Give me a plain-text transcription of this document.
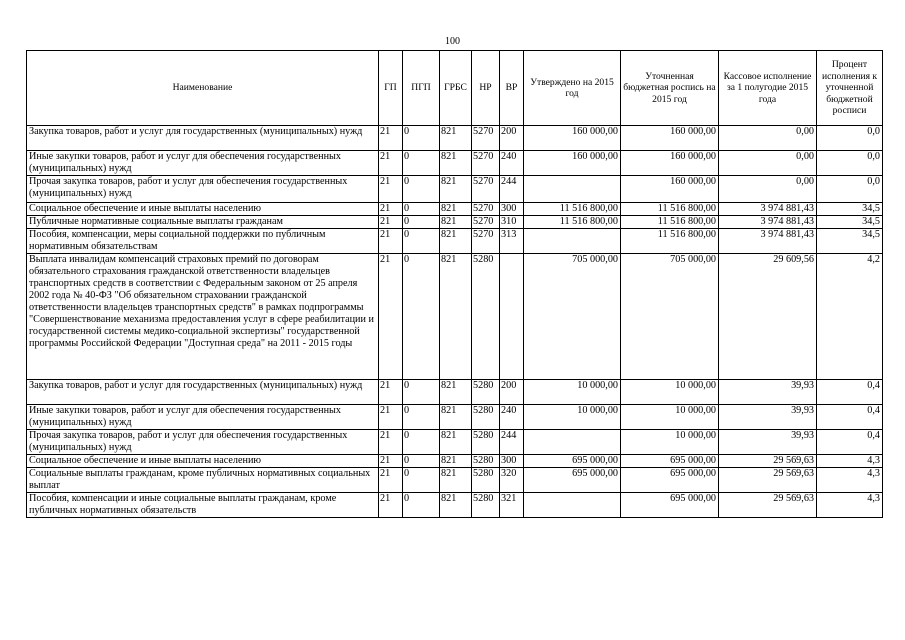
100
Наименование	ГП	ПГП	ГРБС	НР	ВР	Утверждено на 2015 год	Уточненная бюджетная роспись на 2015 год	Кассовое исполнение за 1 полугодие 2015 года	Процент исполнения к уточненной бюджетной росписи
Закупка товаров, работ и услуг для государственных (муниципальных) нужд	21	0	821	5270	200	160 000,00	160 000,00	0,00	0,0
Иные закупки товаров, работ и услуг для обеспечения государственных (муниципальных) нужд	21	0	821	5270	240	160 000,00	160 000,00	0,00	0,0
Прочая закупка товаров, работ и услуг для обеспечения государственных (муниципальных) нужд	21	0	821	5270	244		160 000,00	0,00	0,0
Социальное обеспечение и иные выплаты населению	21	0	821	5270	300	11 516 800,00	11 516 800,00	3 974 881,43	34,5
Публичные нормативные социальные выплаты гражданам	21	0	821	5270	310	11 516 800,00	11 516 800,00	3 974 881,43	34,5
Пособия, компенсации, меры социальной поддержки по публичным нормативным обязательствам	21	0	821	5270	313		11 516 800,00	3 974 881,43	34,5
Выплата инвалидам компенсаций страховых премий по договорам обязательного страхования гражданской ответственности владельцев транспортных средств в соответствии с Федеральным законом от 25 апреля 2002 года № 40-ФЗ "Об обязательном страховании гражданской ответственности владельцев транспортных средств" в рамках подпрограммы "Совершенствование механизма предоставления услуг в сфере реабилитации и государственной системы медико-социальной экспертизы" государственной программы Российской Федерации "Доступная среда" на 2011 - 2015 годы	21	0	821	5280		705 000,00	705 000,00	29 609,56	4,2
Закупка товаров, работ и услуг для государственных (муниципальных) нужд	21	0	821	5280	200	10 000,00	10 000,00	39,93	0,4
Иные закупки товаров, работ и услуг для обеспечения государственных (муниципальных) нужд	21	0	821	5280	240	10 000,00	10 000,00	39,93	0,4
Прочая закупка товаров, работ и услуг для обеспечения государственных (муниципальных) нужд	21	0	821	5280	244		10 000,00	39,93	0,4
Социальное обеспечение и иные выплаты населению	21	0	821	5280	300	695 000,00	695 000,00	29 569,63	4,3
Социальные выплаты гражданам, кроме публичных нормативных социальных выплат	21	0	821	5280	320	695 000,00	695 000,00	29 569,63	4,3
Пособия, компенсации и иные социальные выплаты гражданам, кроме публичных нормативных обязательств	21	0	821	5280	321		695 000,00	29 569,63	4,3
